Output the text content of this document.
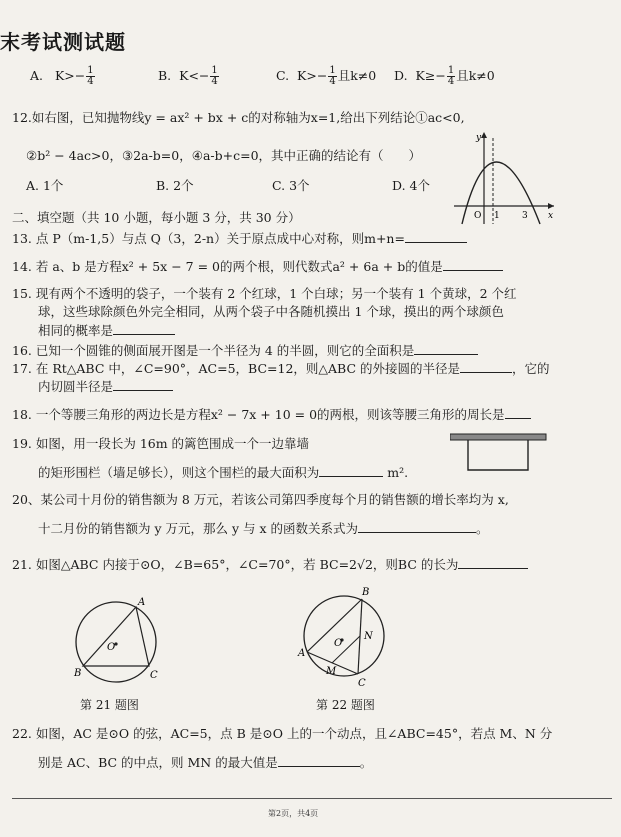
末考试测试题
A. $K>- \frac{1}{4}$	B. $K<- \frac{1}{4}$	C. $K>- \frac{1}{4}$ 且k≠0 D. $K\ge- \frac{1}{4}$ 且k≠0
12.如右图，已知抛物线y = ax² + bx + c的对称轴为x=1,给出下列结论①ac<0,
②b² − 4ac>0，③2a-b=0，④a-b+c=0，其中正确的结论有（　　）
A. 1个	B. 2个	C. 3个	D. 4个
O 1 3 x
y
二、填空题（共 10 小题，每小题 3 分，共 30 分）
13. 点 P（m-1,5）与点 Q（3，2-n）关于原点成中心对称，则m+n=
14. 若 a、b 是方程x² + 5x − 7 = 0的两个根，则代数式a² + 6a + b的值是
15. 现有两个不透明的袋子，一个装有 2 个红球，1 个白球；另一个装有 1 个黄球，2 个红
球，这些球除颜色外完全相同，从两个袋子中各随机摸出 1 个球，摸出的两个球颜色
相同的概率是
16. 已知一个圆锥的侧面展开图是一个半径为 4 的半圆，则它的全面积是
17. 在 Rt△ABC 中，∠C=90°，AC=5，BC=12，则△ABC 的外接圆的半径是	，它的
内切圆半径是
18. 一个等腰三角形的两边长是方程x² − 7x + 10 = 0的两根，则该等腰三角形的周长是
19. 如图，用一段长为 16m 的篱笆围成一个一边靠墙
的矩形围栏（墙足够长），则这个围栏的最大面积为	m².
20、某公司十月份的销售额为 8 万元，若该公司第四季度每个月的销售额的增长率均为 x,
十二月份的销售额为 y 万元，那么 y 与 x 的函数关系式为	。
21. 如图△ABC 内接于⊙O，∠B=65°，∠C=70°，若 BC=2√2，则BC 的长为
A
B	C
O
第 21 题图
B
A
C
O
M
N
第 22 题图
22. 如图，AC 是⊙O 的弦，AC=5，点 B 是⊙O 上的一个动点，且∠ABC=45°，若点 M、N 分
别是 AC、BC 的中点，则 MN 的最大值是	。
第2页，共4页
